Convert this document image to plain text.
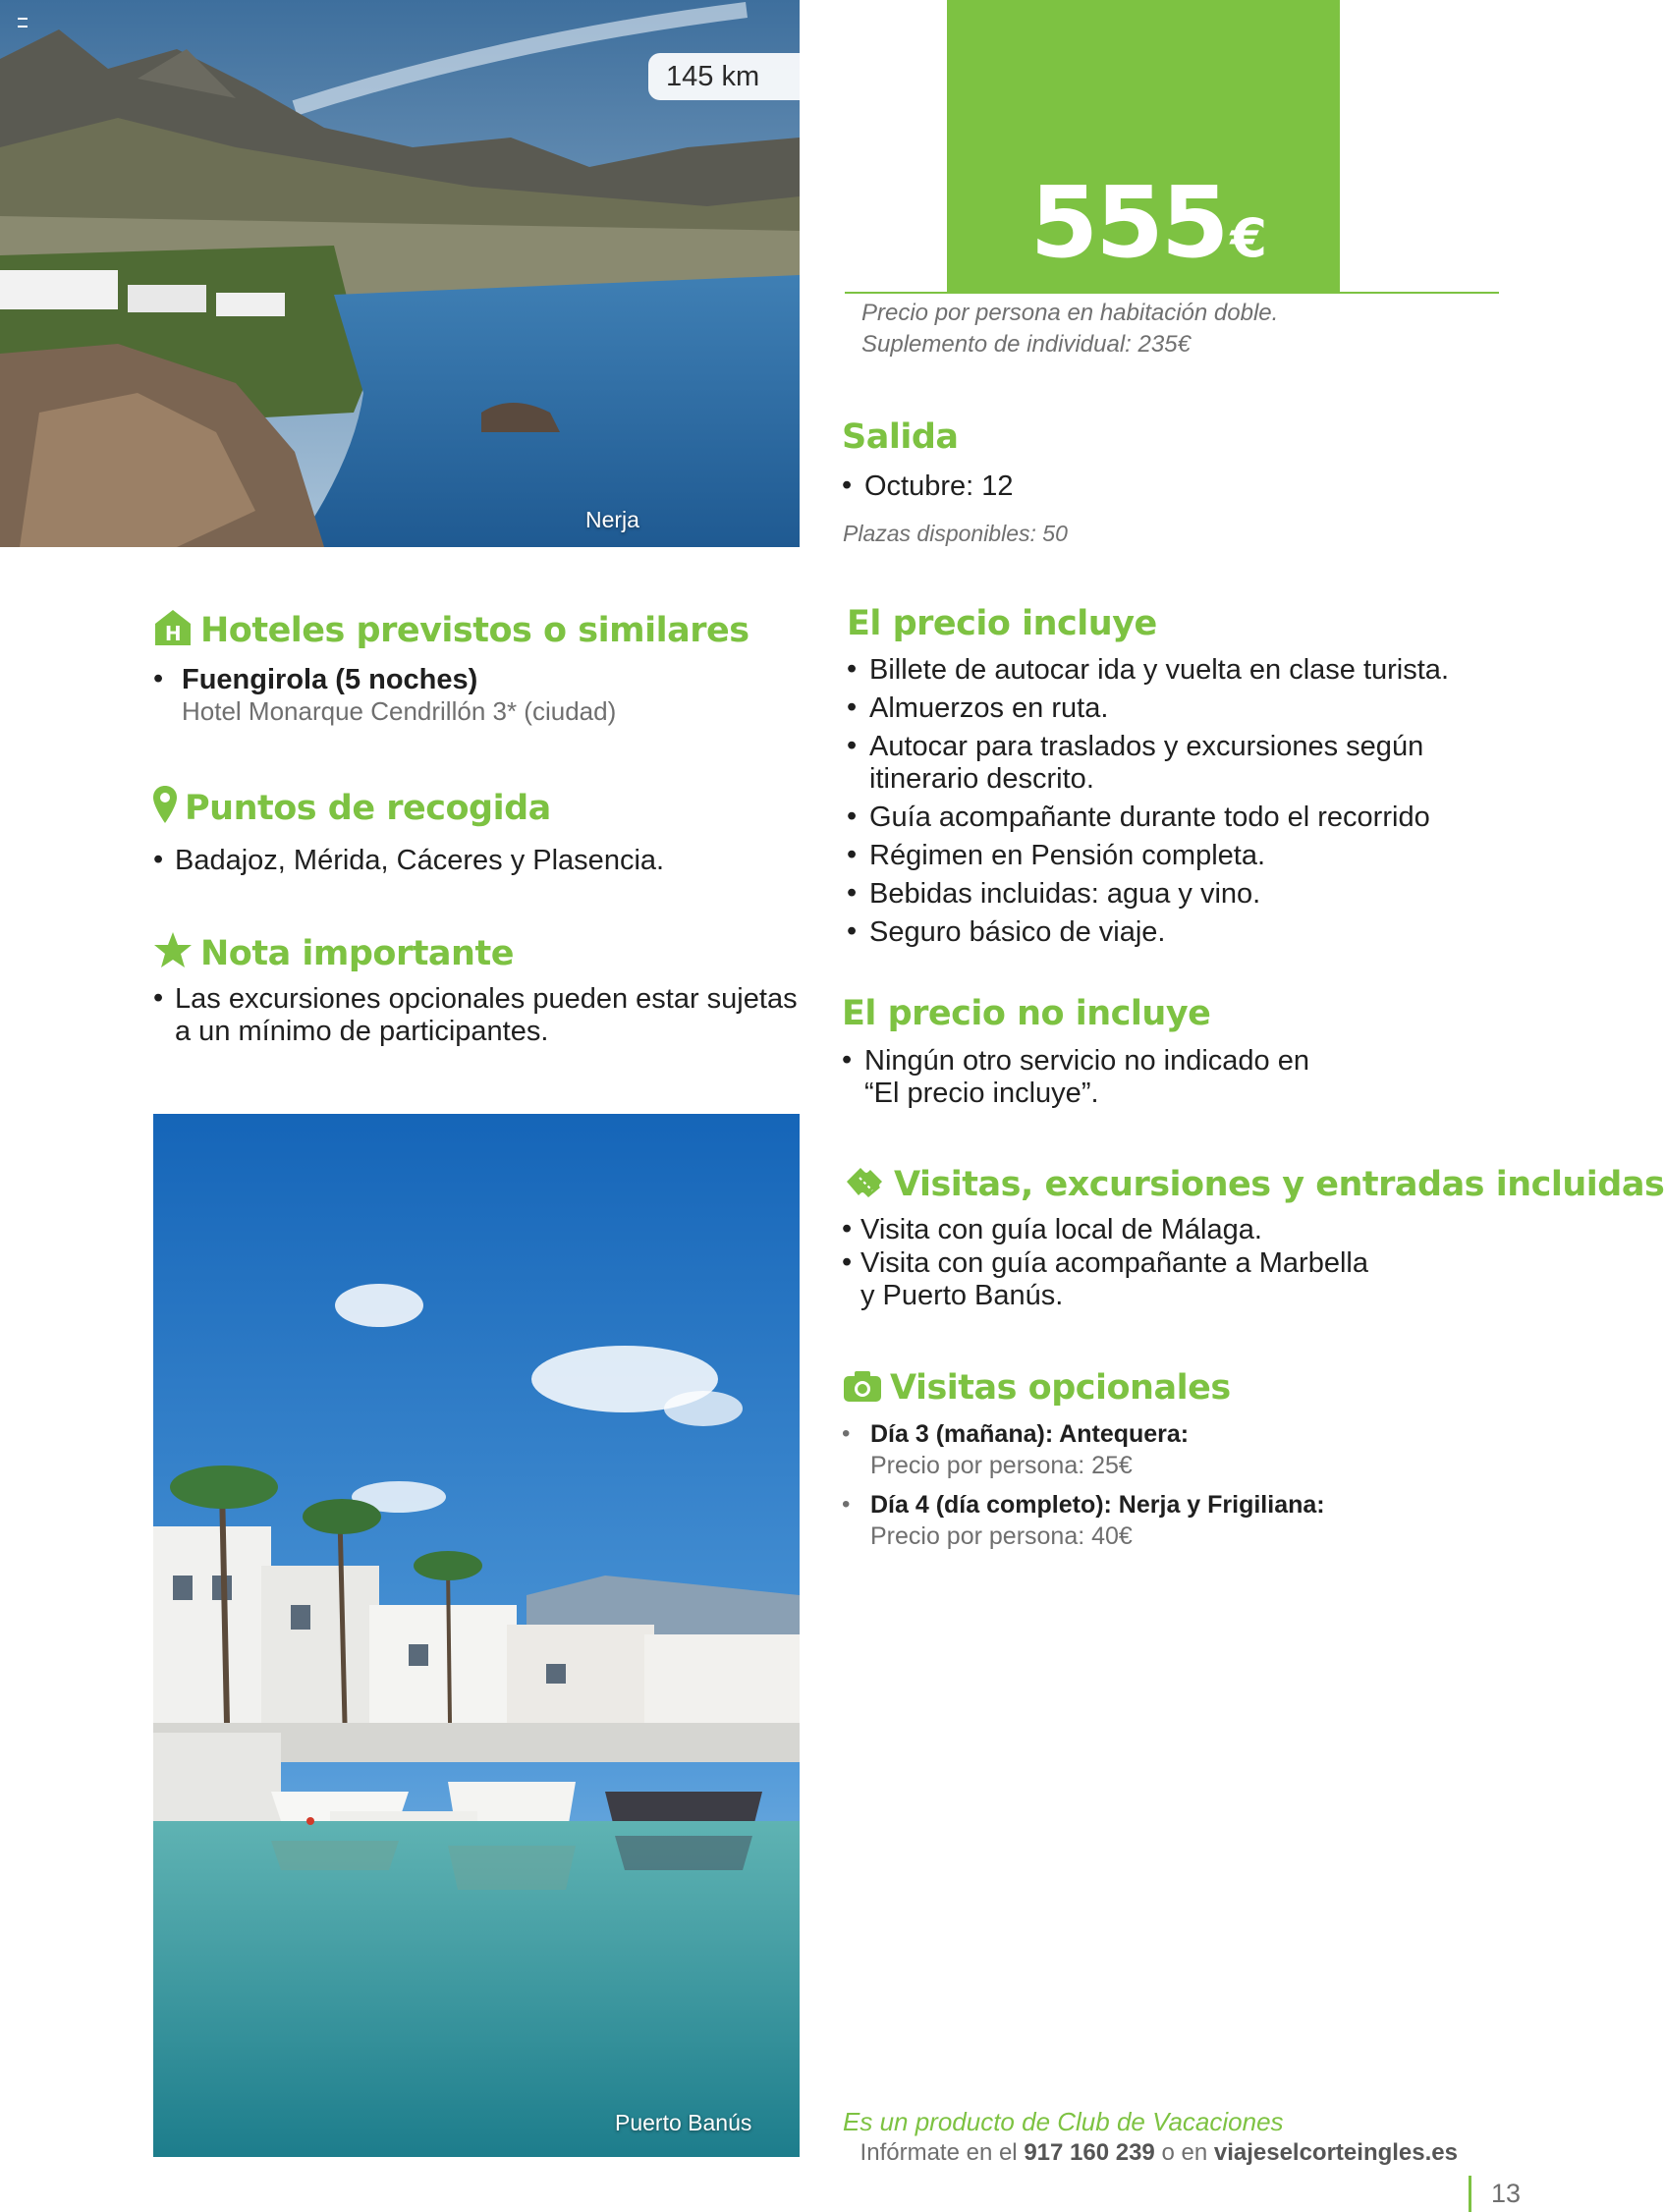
145 km
Nerja
555€
Precio por persona en habitación doble.
Suplemento de individual: 235€
Salida
• Octubre: 12
Plazas disponibles: 50
H Hoteles previstos o similares
• Fuengirola (5 noches)
Hotel Monarque Cendrillón 3* (ciudad)
Puntos de recogida
• Badajoz, Mérida, Cáceres y Plasencia.
Nota importante
• Las excursiones opcionales pueden estar sujetas
a un mínimo de participantes.
Puerto Banús
El precio incluye
• Billete de autocar ida y vuelta en clase turista.
• Almuerzos en ruta.
• Autocar para traslados y excursiones según
itinerario descrito.
• Guía acompañante durante todo el recorrido
• Régimen en Pensión completa.
• Bebidas incluidas: agua y vino.
• Seguro básico de viaje.
El precio no incluye
• Ningún otro servicio no indicado en
“El precio incluye”.
Visitas, excursiones y entradas incluidas
• Visita con guía local de Málaga.
• Visita con guía acompañante a Marbella
y Puerto Banús.
Visitas opcionales
• Día 3 (mañana): Antequera:
Precio por persona: 25€
• Día 4 (día completo): Nerja y Frigiliana:
Precio por persona: 40€
Es un producto de Club de Vacaciones
Infórmate en el 917 160 239 o en viajeselcorteingles.es
13
